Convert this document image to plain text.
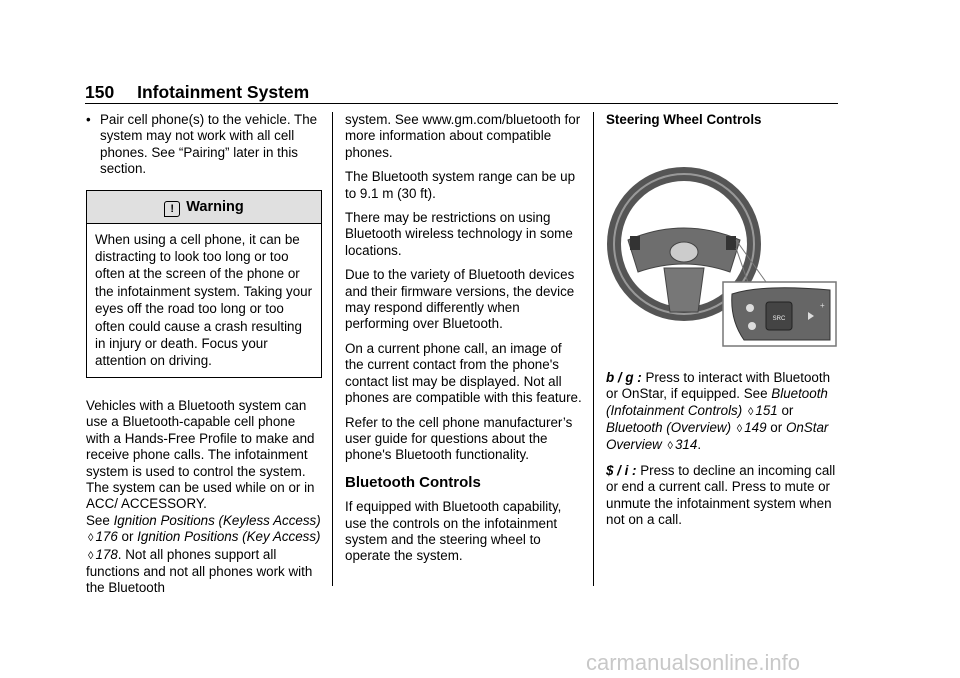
150 Infotainment System
• Pair cell phone(s) to the vehicle. The system may not work with all cell phones. See “Pairing” later in this section.
! Warning
When using a cell phone, it can be distracting to look too long or too often at the screen of the phone or the infotainment system. Taking your eyes off the road too long or too often could cause a crash resulting in injury or death. Focus your attention on driving.

Vehicles with a Bluetooth system can use a Bluetooth-capable cell phone with a Hands-Free Profile to make and receive phone calls. The infotainment system is used to control the system. The system can be used while on or in ACC/ ACCESSORY.
See Ignition Positions (Keyless Access) ◊ 176 or Ignition Positions (Key Access) ◊ 178. Not all phones support all functions and not all phones work with the Bluetooth

system. See www.gm.com/bluetooth for more information about compatible phones.

The Bluetooth system range can be up to 9.1 m (30 ft).

There may be restrictions on using Bluetooth wireless technology in some locations.

Due to the variety of Bluetooth devices and their firmware versions, the device may respond differently when performing over Bluetooth.

On a current phone call, an image of the current contact from the phone's contact list may be displayed. Not all phones are compatible with this feature.

Refer to the cell phone manufacturer’s user guide for questions about the phone's Bluetooth functionality.

Bluetooth Controls

If equipped with Bluetooth capability, use the controls on the infotainment system and the steering wheel to operate the system.

Steering Wheel Controls
SRC
+

b / g : Press to interact with Bluetooth or OnStar, if equipped. See Bluetooth (Infotainment Controls) ◊ 151 or Bluetooth (Overview) ◊ 149 or OnStar Overview ◊ 314.

$ / i : Press to decline an incoming call or end a current call. Press to mute or unmute the infotainment system when not on a call.

carmanualsonline.info
